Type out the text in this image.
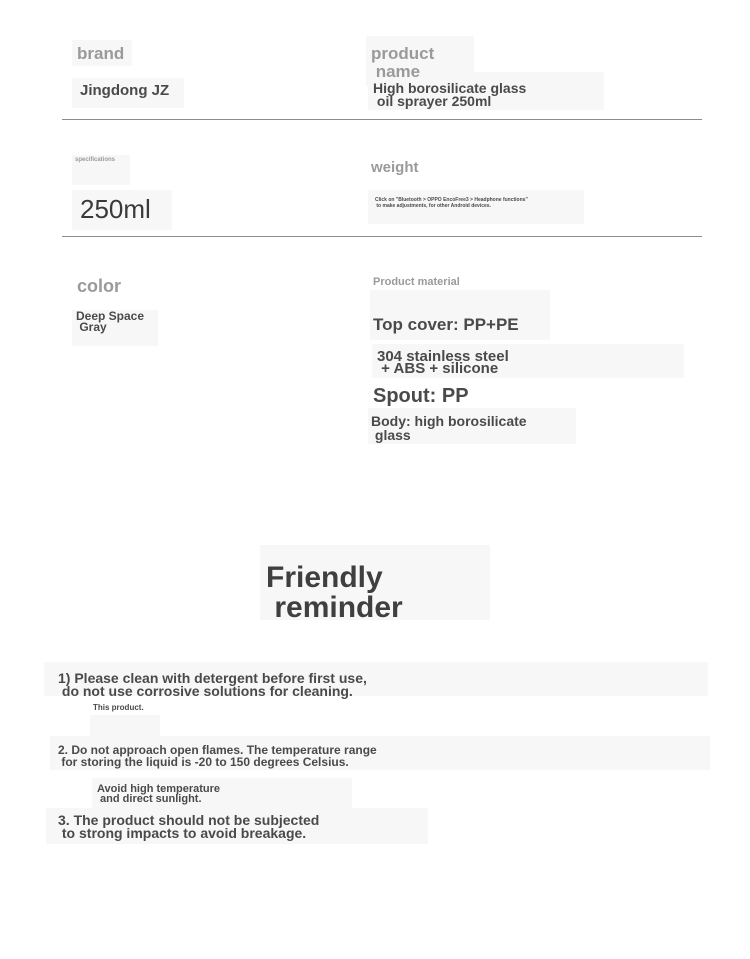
brand
Jingdong JZ
product
name
High borosilicate glass
oil sprayer 250ml
specifications
250ml
weight
Click on "Bluetooth > OPPO EncoFree3 > Headphone functions"
to make adjustments, for other Android devices.
color
Deep Space
Gray
Product material
Top cover: PP+PE
304 stainless steel
+ ABS + silicone
Spout: PP
Body: high borosilicate
glass
Friendly
reminder
1) Please clean with detergent before first use,
do not use corrosive solutions for cleaning.
This product.
2. Do not approach open flames. The temperature range
for storing the liquid is -20 to 150 degrees Celsius.
Avoid high temperature
and direct sunlight.
3. The product should not be subjected
to strong impacts to avoid breakage.
